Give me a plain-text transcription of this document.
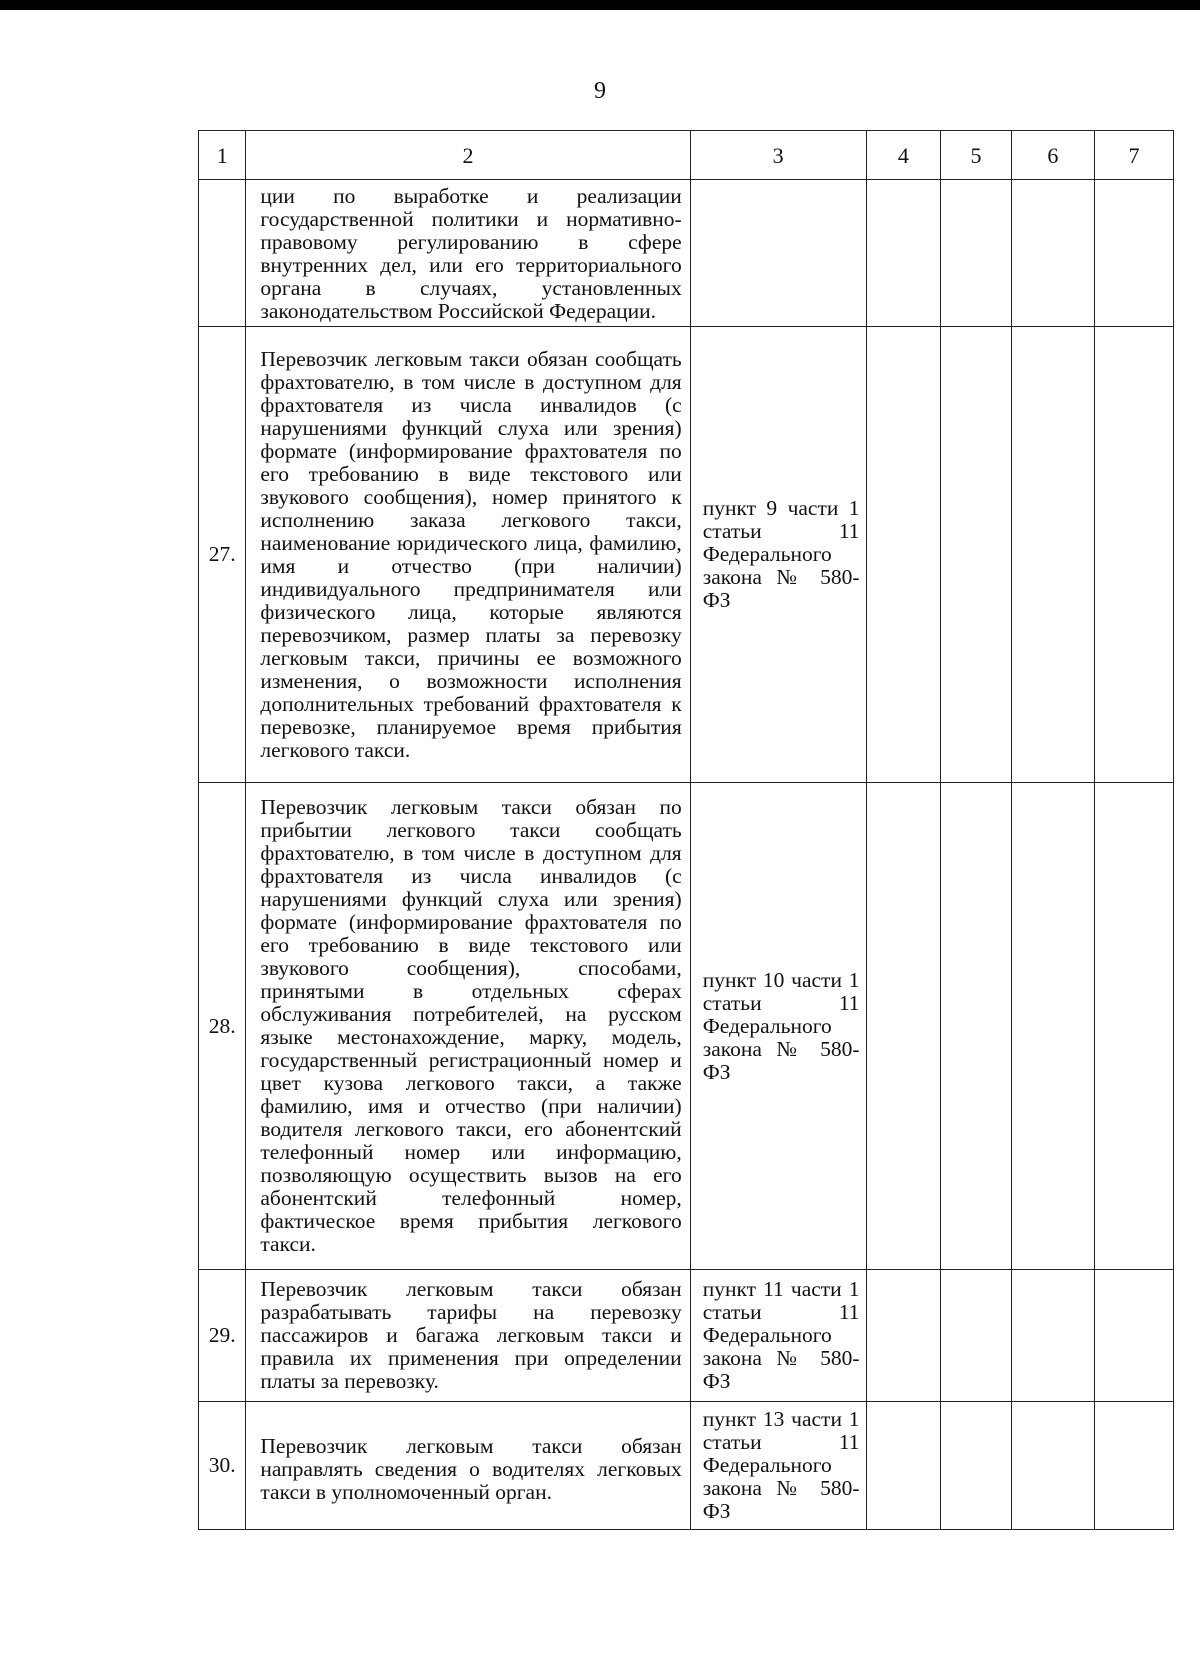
9
1	2	3	4	5	6	7
	ции по выработке и реализации государственной политики и нормативно-правовому регулированию в сфере внутренних дел, или его территориального органа в случаях, установленных законодательством Российской Федерации.					
27.	Перевозчик легковым такси обязан сообщать фрахтователю, в том числе в доступном для фрахтователя из числа инвалидов (с нарушениями функций слуха или зрения) формате (информирование фрахтователя по его требованию в виде текстового или звукового сообщения), номер принятого к исполнению заказа легкового такси, наименование юридического лица, фамилию, имя и отчество (при наличии) индивидуального предпринимателя или физического лица, которые являются перевозчиком, размер платы за перевозку легковым такси, причины ее возможного изменения, о возможности исполнения дополнительных требований фрахтователя к перевозке, планируемое время прибытия легкового такси.	пункт 9 части 1 статьи 11 Федерального закона № 580-ФЗ				
28.	Перевозчик легковым такси обязан по прибытии легкового такси сообщать фрахтователю, в том числе в доступном для фрахтователя из числа инвалидов (с нарушениями функций слуха или зрения) формате (информирование фрахтователя по его требованию в виде текстового или звукового сообщения), способами, принятыми в отдельных сферах обслуживания потребителей, на русском языке местонахождение, марку, модель, государственный регистрационный номер и цвет кузова легкового такси, а также фамилию, имя и отчество (при наличии) водителя легкового такси, его абонентский телефонный номер или информацию, позволяющую осуществить вызов на его абонентский телефонный номер, фактическое время прибытия легкового такси.	пункт 10 части 1 статьи 11 Федерального закона № 580-ФЗ				
29.	Перевозчик легковым такси обязан разрабатывать тарифы на перевозку пассажиров и багажа легковым такси и правила их применения при определении платы за перевозку.	пункт 11 части 1 статьи 11 Федерального закона № 580-ФЗ				
30.	Перевозчик легковым такси обязан направлять сведения о водителях легковых такси в уполномоченный орган.	пункт 13 части 1 статьи 11 Федерального закона № 580-ФЗ				
